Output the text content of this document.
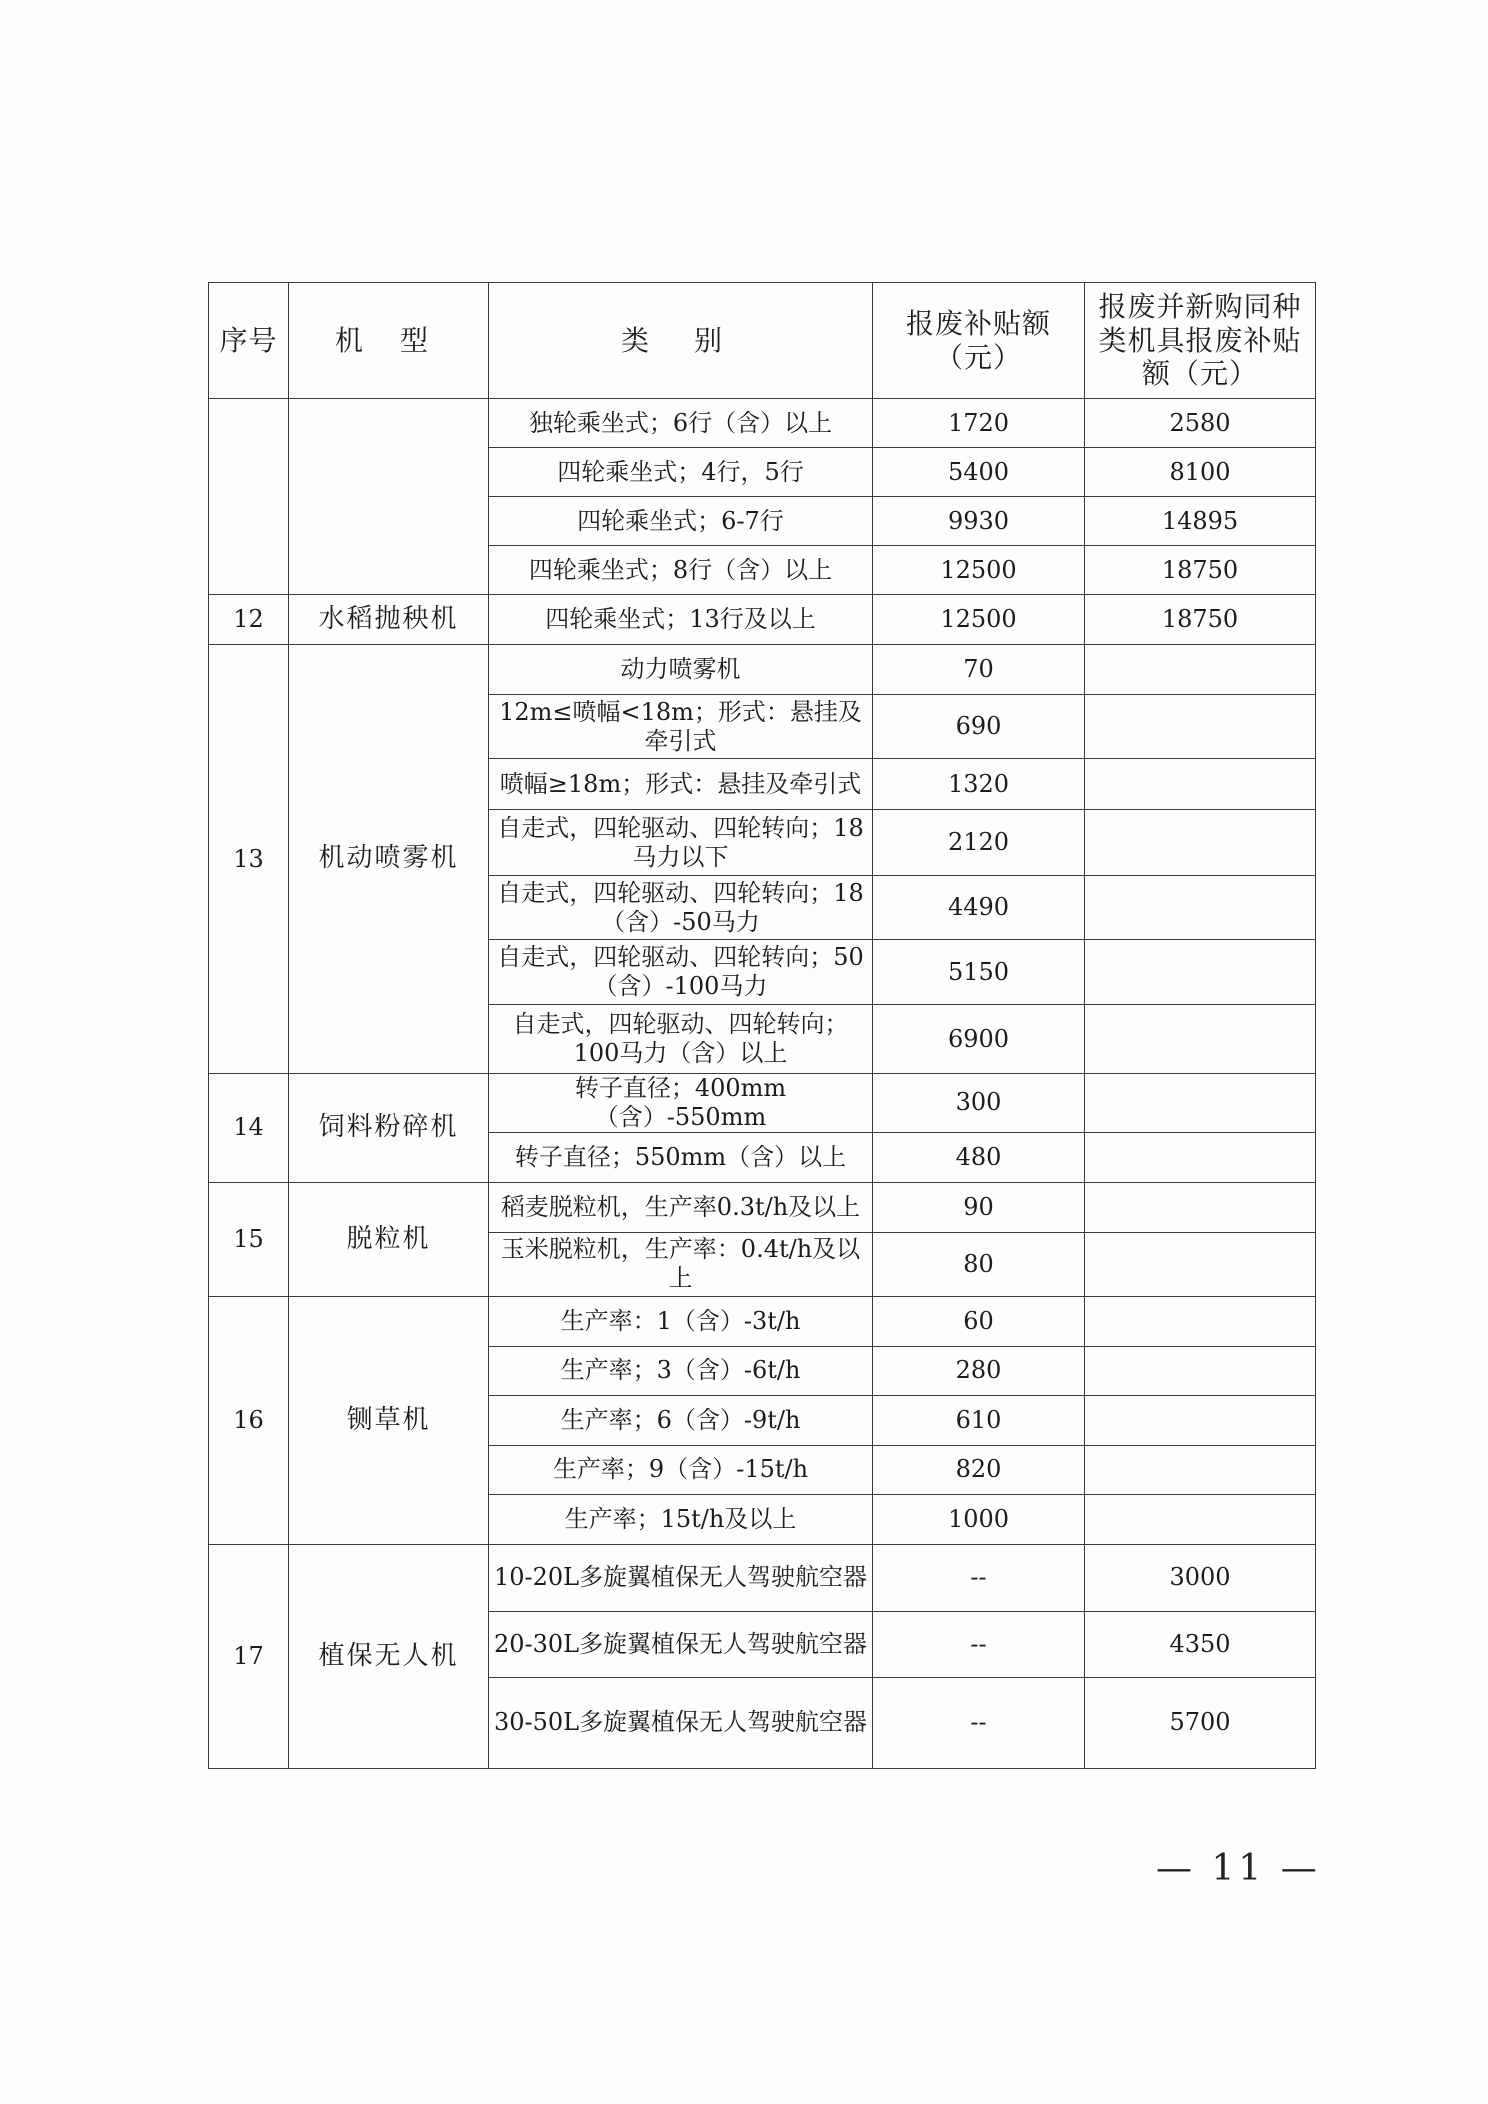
序号	机 型	类 别	报废补贴额（元）	报废并新购同种类机具报废补贴额（元）
		独轮乘坐式；6行（含）以上	1720	2580
		四轮乘坐式；4行，5行	5400	8100
		四轮乘坐式；6-7行	9930	14895
		四轮乘坐式；8行（含）以上	12500	18750
12	水稻抛秧机	四轮乘坐式；13行及以上	12500	18750
13	机动喷雾机	动力喷雾机	70	
		12m≤喷幅<18m；形式：悬挂及牵引式	690	
		喷幅≥18m；形式：悬挂及牵引式	1320	
		自走式，四轮驱动、四轮转向；18马力以下	2120	
		自走式，四轮驱动、四轮转向；18（含）-50马力	4490	
		自走式，四轮驱动、四轮转向；50（含）-100马力	5150	
		自走式，四轮驱动、四轮转向；100马力（含）以上	6900	
14	饲料粉碎机	转子直径；400mm（含）-550mm	300	
		转子直径；550mm（含）以上	480	
15	脱粒机	稻麦脱粒机，生产率0.3t/h及以上	90	
		玉米脱粒机，生产率：0.4t/h及以上	80	
16	铡草机	生产率：1（含）-3t/h	60	
		生产率；3（含）-6t/h	280	
		生产率；6（含）-9t/h	610	
		生产率；9（含）-15t/h	820	
		生产率；15t/h及以上	1000	
17	植保无人机	10-20L多旋翼植保无人驾驶航空器	--	3000
		20-30L多旋翼植保无人驾驶航空器	--	4350
		30-50L多旋翼植保无人驾驶航空器	--	5700
— 11 —
